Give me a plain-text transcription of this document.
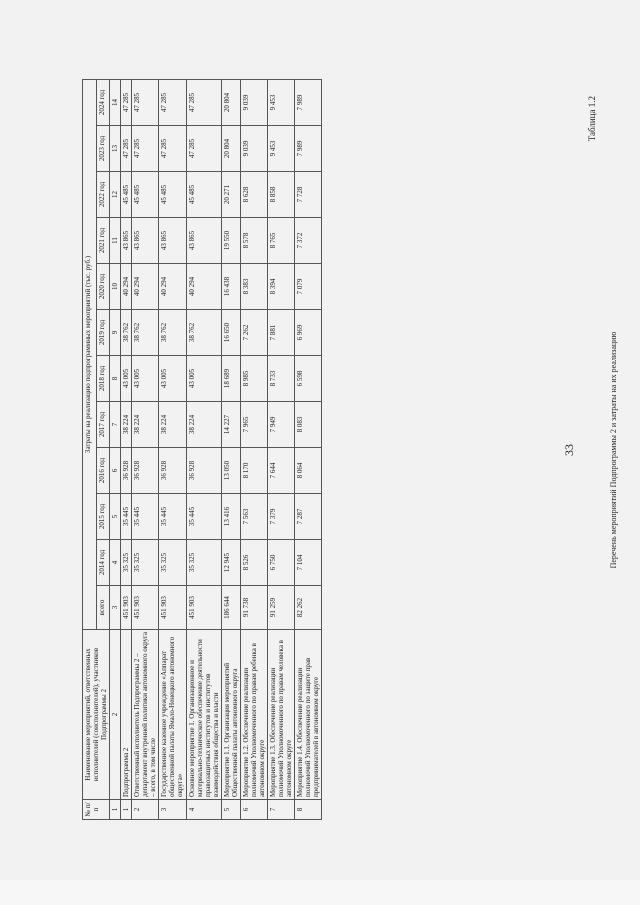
№ п/п	Наименование мероприятий, ответственных исполнителей (соисполнителей), участников Подпрограммы 2	Затраты на реализацию подпрограммных мероприятий (тыс. руб.)											
		всего	2014 год	2015 год	2016 год	2017 год	2018 год	2019 год	2020 год	2021 год	2022 год	2023 год	2024 год
1	2	3	4	5	6	7	8	9	10	11	12	13	14
1	Подпрограмма 2	451 903	35 325	35 445	36 928	38 224	43 005	38 762	40 294	43 865	45 485	47 285	47 285
2	Ответственный исполнитель Подпрограммы 2 – департамент внутренней политики автономного округа – всего, в том числе	451 903	35 325	35 445	36 928	38 224	43 005	38 762	40 294	43 865	45 485	47 285	47 285
3	Государственное казенное учреждение «Аппарат общественной палаты Ямало-Ненецкого автономного округа»	451 903	35 325	35 445	36 928	38 224	43 005	38 762	40 294	43 865	45 485	47 285	47 285
4	Основное мероприятие 1. Организационное и материально-техническое обеспечение деятельности правозащитных институтов и институтов взаимодействия общества и власти	451 903	35 325	35 445	36 928	38 224	43 005	38 762	40 294	43 865	45 485	47 285	47 285
5	Мероприятие 1.1. Организация мероприятий Общественной палаты автономного округа	186 644	12 945	13 416	13 050	14 227	18 689	16 650	16 438	19 550	20 271	20 804	20 804
6	Мероприятие 1.2. Обеспечение реализации полномочий Уполномоченного по правам ребенка в автономном округе	91 738	8 526	7 563	8 170	7 965	8 985	7 262	8 383	8 578	8 628	9 039	9 039
7	Мероприятие 1.3. Обеспечение реализации полномочий Уполномоченного по правам человека в автономном округе	91 259	6 750	7 379	7 644	7 949	8 733	7 881	8 394	8 765	8 858	9 453	9 453
8	Мероприятие 1.4. Обеспечение реализации полномочий Уполномоченного по защите прав предпринимателей в автономном округе	82 262	7 104	7 287	8 064	8 083	6 598	6 969	7 079	7 372	7 728	7 989	7 989
33
Таблица 1.2
Перечень мероприятий Подпрограммы 2 и затраты на их реализацию
